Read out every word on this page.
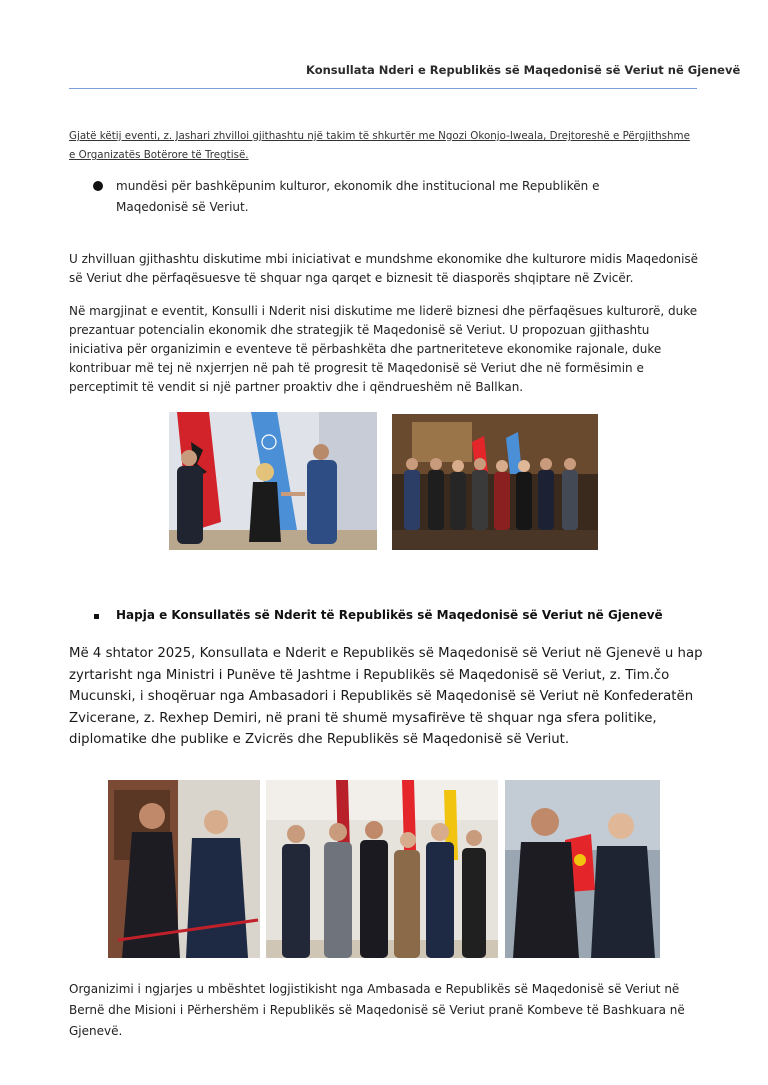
Konsullata Nderi e Republikës së Maqedonisë së Veriut në Gjenevë
Gjatë këtij eventi, z. Jashari zhvilloi gjithashtu një takim të shkurtër me Ngozi Okonjo-Iweala, Drejtoreshë e Përgjithshme e Organizatës Botërore të Tregtisë.
mundësi për bashkëpunim kulturor, ekonomik dhe institucional me Republikën e Maqedonisë së Veriut.
U zhvilluan gjithashtu diskutime mbi iniciativat e mundshme ekonomike dhe kulturore midis Maqedonisë së Veriut dhe përfaqësuesve të shquar nga qarqet e biznesit të diasporës shqiptare në Zvicër.
Në margjinat e eventit, Konsulli i Nderit nisi diskutime me liderë biznesi dhe përfaqësues kulturorë, duke prezantuar potencialin ekonomik dhe strategjik të Maqedonisë së Veriut. U propozuan gjithashtu iniciativa për organizimin e eventeve të përbashkëta dhe partneriteteve ekonomike rajonale, duke kontribuar më tej në nxjerrjen në pah të progresit të Maqedonisë së Veriut dhe në formësimin e perceptimit të vendit si një partner proaktiv dhe i qëndrueshëm në Ballkan.
Hapja e Konsullatës së Nderit të Republikës së Maqedonisë së Veriut në Gjenevë
Më 4 shtator 2025, Konsullata e Nderit e Republikës së Maqedonisë së Veriut në Gjenevë u hap zyrtarisht nga Ministri i Punëve të Jashtme i Republikës së Maqedonisë së Veriut, z. Tim.čo Mucunski, i shoqëruar nga Ambasadori i Republikës së Maqedonisë së Veriut në Konfederatën Zvicerane, z. Rexhep Demiri, në prani të shumë mysafirëve të shquar nga sfera politike, diplomatike dhe publike e Zvicrës dhe Republikës së Maqedonisë së Veriut.
Organizimi i ngjarjes u mbështet logjistikisht nga Ambasada e Republikës së Maqedonisë së Veriut në Bernë dhe Misioni i Përhershëm i Republikës së Maqedonisë së Veriut pranë Kombeve të Bashkuara në Gjenevë.
